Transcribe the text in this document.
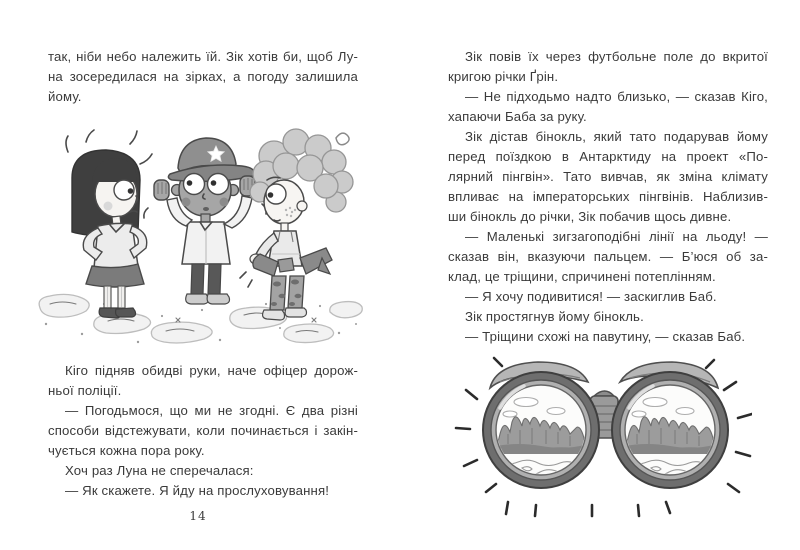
так, ніби небо належить їй. Зік хотів би, щоб Лу-
на зосередилася на зірках, а погоду залишила
йому.
Кіго підняв обидві руки, наче офіцер дорож-
ньої поліції.
— Погодьмося, що ми не згодні. Є два різні
способи відстежувати, коли починається і закін-
чується кожна пора року.
Хоч раз Луна не сперечалася:
— Як скажете. Я йду на прослуховування!
14
Зік повів їх через футбольне поле до вкритої
кригою річки Ґрін.
— Не підходьмо надто близько, — сказав Кіго,
хапаючи Баба за руку.
Зік дістав бінокль, який тато подарував йому
перед поїздкою в Антарктиду на проект «По-
лярний пінгвін». Тато вивчав, як зміна клімату
впливає на імператорських пінгвінів. Наблизив-
ши бінокль до річки, Зік побачив щось дивне.
— Маленькі зигзагоподібні лінії на льоду! —
сказав він, вказуючи пальцем. — Б’юся об за-
клад, це тріщини, спричинені потеплінням.
— Я хочу подивитися! — заскиглив Баб.
Зік простягнув йому бінокль.
— Тріщини схожі на павутину, — сказав Баб.
